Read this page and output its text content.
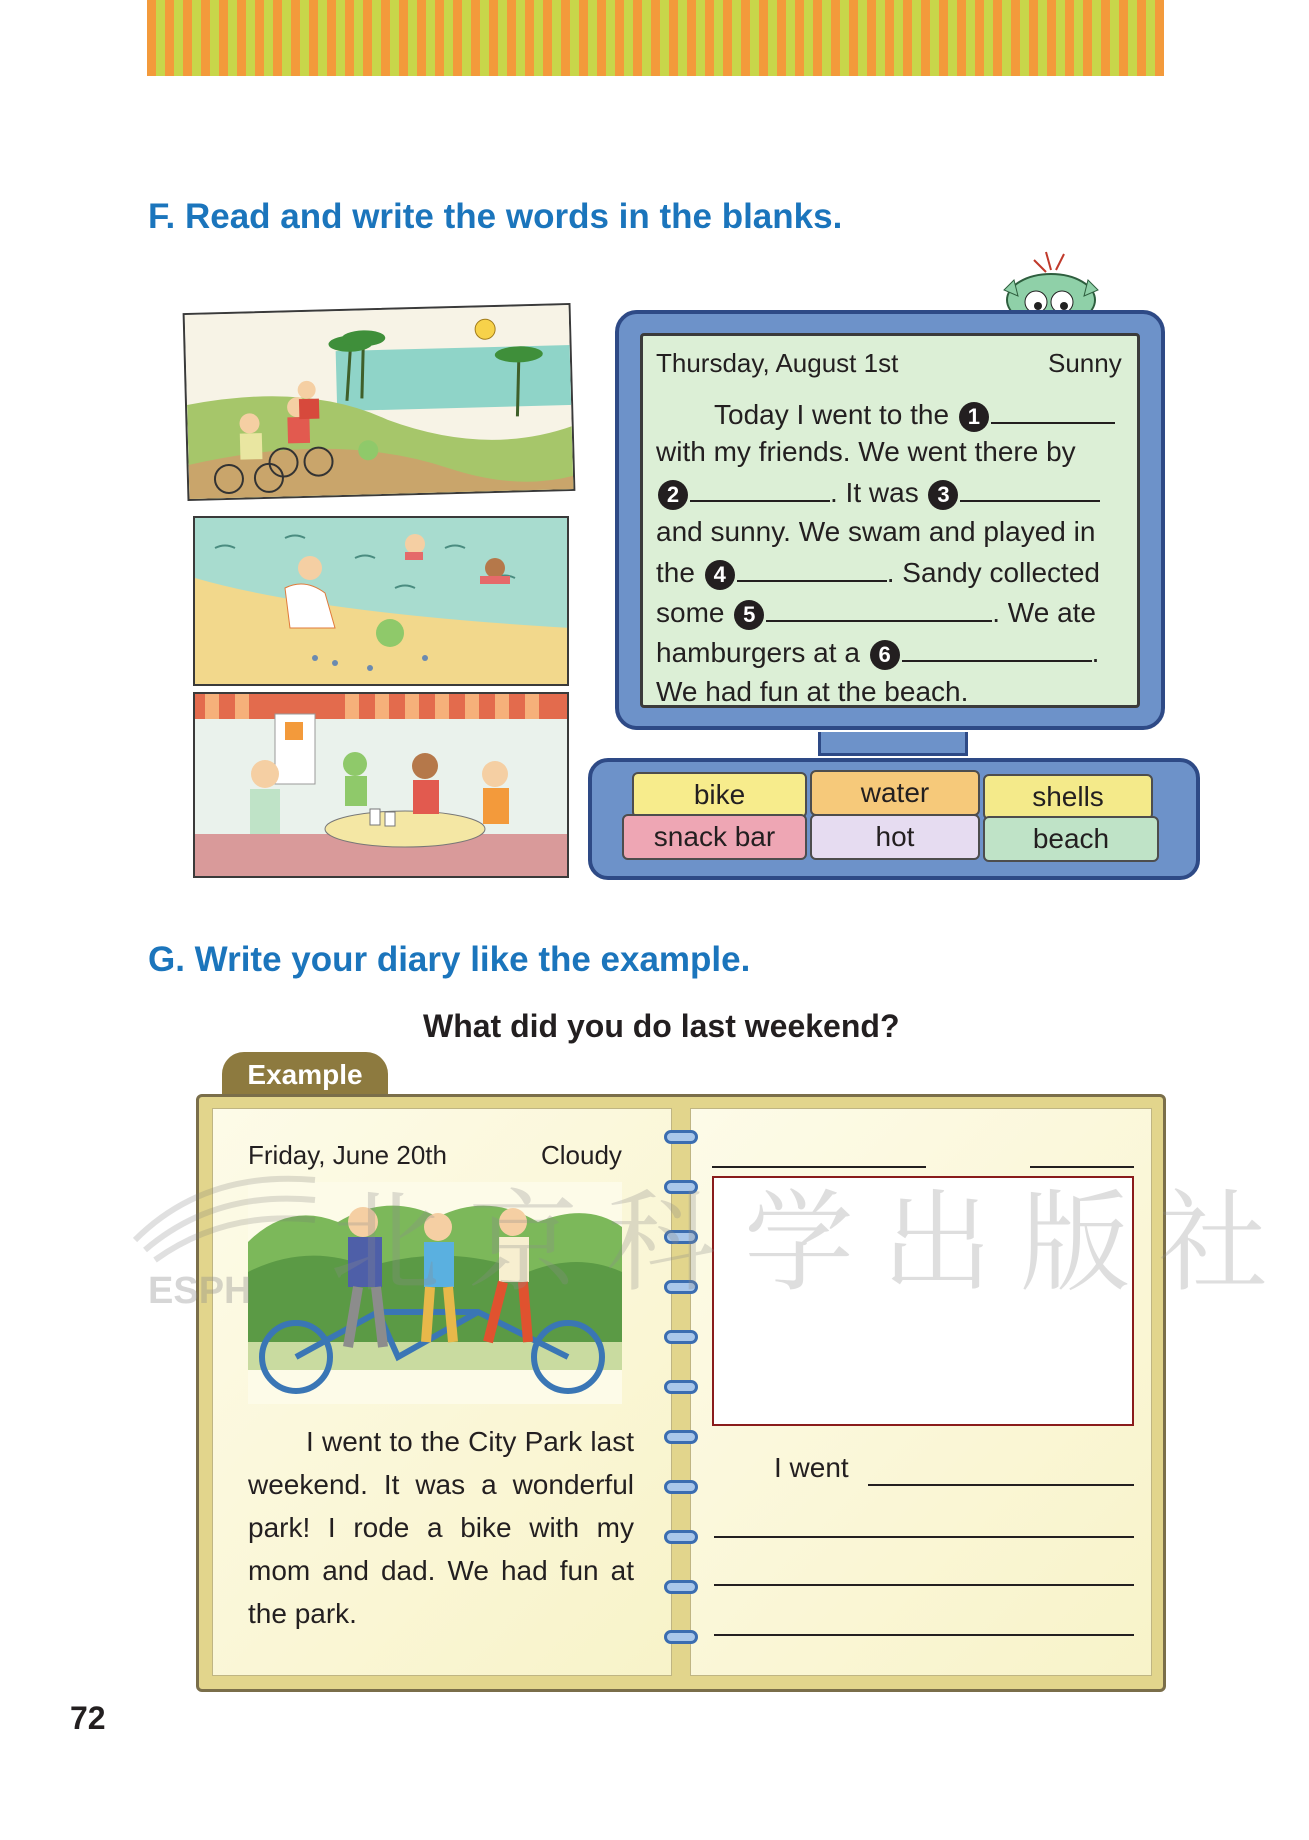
F. Read and write the words in the blanks.
Thursday, August 1st	Sunny
Today I went to the 1
with my friends. We went there by
2	. It was 3
and sunny. We swam and played in
the 4	. Sandy collected
some 5	. We ate
hamburgers at a 6	.
We had fun at the beach.
bike	water	shells
snack bar	hot	beach
G. Write your diary like the example.
What did you do last weekend?
Example
Friday, June 20th	Cloudy
I went to the City Park last weekend. It was a wonderful park! I rode a bike with my mom and dad. We had fun at the park.
I went
北京科学出版社
ESPH
72
